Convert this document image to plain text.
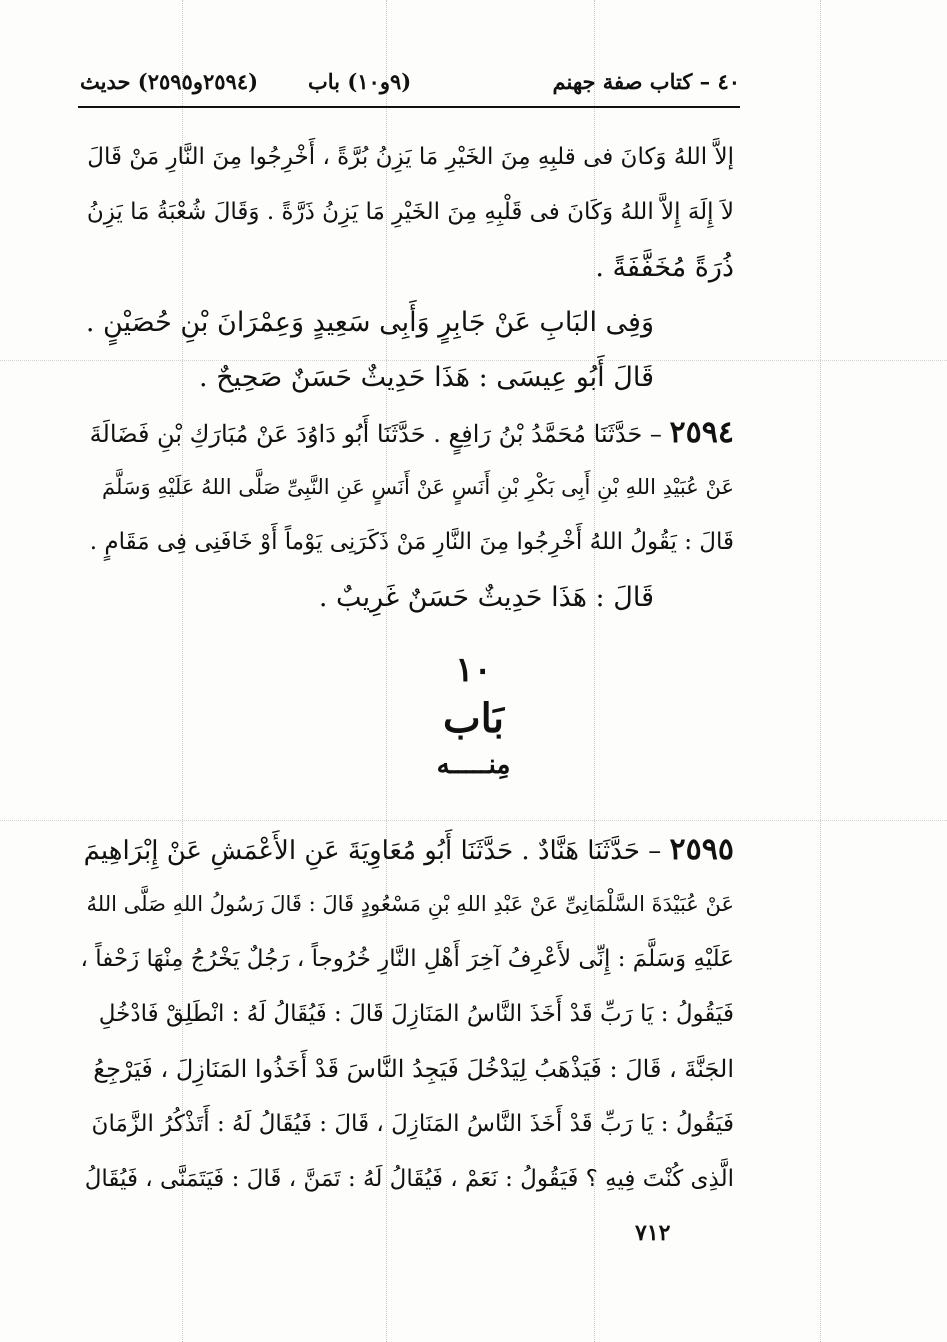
٤٠ – كتاب صفة جهنم
(٩و١٠) باب
(٢٥٩٤و٢٥٩٥) حديث
إلاَّ اللهُ وَكانَ فى قلبِهِ مِنَ الخَيْرِ مَا يَزِنُ بُرَّةً ، أَخْرِجُوا مِنَ النَّارِ مَنْ قَالَ
لاَ إِلَهَ إِلاَّ اللهُ وَكَانَ فى قَلْبِهِ مِنَ الخَيْرِ مَا يَزِنُ ذَرَّةً . وَقَالَ شُعْبَةُ مَا يَزِنُ
ذُرَةً مُخَفَّفَةً .
وَفِى البَابِ عَنْ جَابِرٍ وَأَبِى سَعِيدٍ وَعِمْرَانَ بْنِ حُصَيْنٍ .
قَالَ أَبُو عِيسَى : هَذَا حَدِيثٌ حَسَنٌ صَحِيحٌ .
٢٥٩٤ – حَدَّثَنَا مُحَمَّدُ بْنُ رَافِعٍ . حَدَّثَنَا أَبُو دَاوُدَ عَنْ مُبَارَكِ بْنِ فَضَالَةَ
عَنْ عُبَيْدِ اللهِ بْنِ أَبِى بَكْرِ بْنِ أَنَسٍ عَنْ أَنَسٍ عَنِ النَّبِىِّ صَلَّى اللهُ عَلَيْهِ وَسَلَّمَ
قَالَ : يَقُولُ اللهُ أَخْرِجُوا مِنَ النَّارِ مَنْ ذَكَرَنِى يَوْماً أَوْ خَافَنِى فِى مَقَامٍ .
قَالَ : هَذَا حَدِيثٌ حَسَنٌ غَرِيبٌ .
١٠
بَاب
مِنـــــه
٢٥٩٥ – حَدَّثَنَا هَنَّادٌ . حَدَّثَنَا أَبُو مُعَاوِيَةَ عَنِ الأَعْمَشِ عَنْ إِبْرَاهِيمَ
عَنْ عُبَيْدَةَ السَّلْمَانِىِّ عَنْ عَبْدِ اللهِ بْنِ مَسْعُودٍ قَالَ : قَالَ رَسُولُ اللهِ صَلَّى اللهُ
عَلَيْهِ وَسَلَّمَ : إِنِّى لأَعْرِفُ آخِرَ أَهْلِ النَّارِ خُرُوجاً ، رَجُلٌ يَخْرُجُ مِنْهَا زَحْفاً ،
فَيَقُولُ : يَا رَبِّ قَدْ أَخَذَ النَّاسُ المَنَازِلَ قَالَ : فَيُقَالُ لَهُ : انْطَلِقْ فَادْخُلِ
الجَنَّةَ ، قَالَ : فَيَذْهَبُ لِيَدْخُلَ فَيَجِدُ النَّاسَ قَدْ أَخَذُوا المَنَازِلَ ، فَيَرْجِعُ
فَيَقُولُ : يَا رَبِّ قَدْ أَخَذَ النَّاسُ المَنَازِلَ ، قَالَ : فَيُقَالُ لَهُ : أَتَذْكُرُ الزَّمَانَ
الَّذِى كُنْتَ فِيهِ ؟ فَيَقُولُ : نَعَمْ ، فَيُقَالُ لَهُ : تَمَنَّ ، قَالَ : فَيَتَمَنَّى ، فَيُقَالُ
٧١٢
